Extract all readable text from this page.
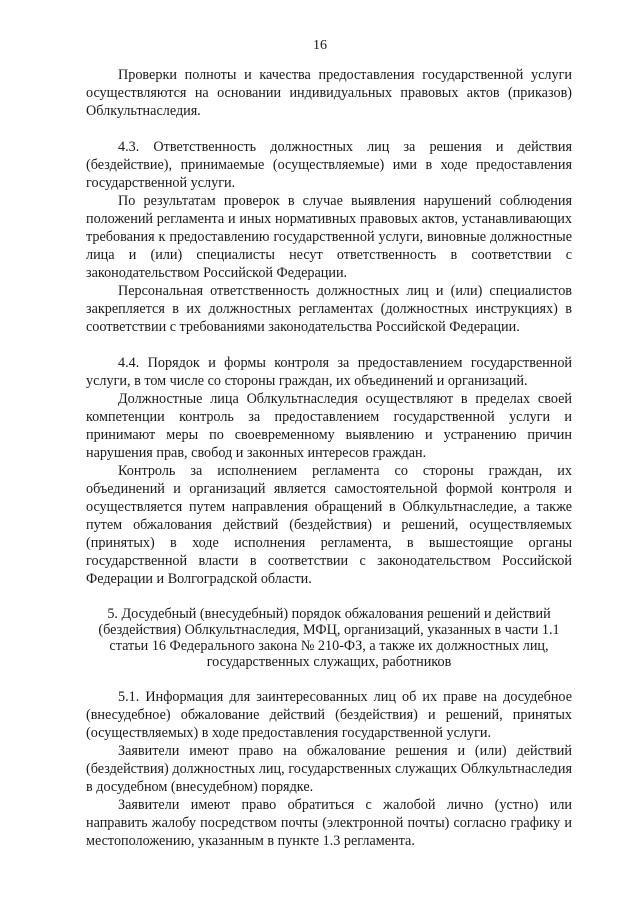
16

Проверки полноты и качества предоставления государственной услуги осуществляются на основании индивидуальных правовых актов (приказов) Облкультнаследия.

4.3. Ответственность должностных лиц за решения и действия (бездействие), принимаемые (осуществляемые) ими в ходе предоставления государственной услуги.

По результатам проверок в случае выявления нарушений соблюдения положений регламента и иных нормативных правовых актов, устанавливающих требования к предоставлению государственной услуги, виновные должностные лица и (или) специалисты несут ответственность в соответствии с законодательством Российской Федерации.

Персональная ответственность должностных лиц и (или) специалистов закрепляется в их должностных регламентах (должностных инструкциях) в соответствии с требованиями законодательства Российской Федерации.

4.4. Порядок и формы контроля за предоставлением государственной услуги, в том числе со стороны граждан, их объединений и организаций.

Должностные лица Облкультнаследия осуществляют в пределах своей компетенции контроль за предоставлением государственной услуги и принимают меры по своевременному выявлению и устранению причин нарушения прав, свобод и законных интересов граждан.

Контроль за исполнением регламента со стороны граждан, их объединений и организаций является самостоятельной формой контроля и осуществляется путем направления обращений в Облкультнаследие, а также путем обжалования действий (бездействия) и решений, осуществляемых (принятых) в ходе исполнения регламента, в вышестоящие органы государственной власти в соответствии с законодательством Российской Федерации и Волгоградской области.

5. Досудебный (внесудебный) порядок обжалования решений и действий (бездействия) Облкультнаследия, МФЦ, организаций, указанных в части 1.1 статьи 16 Федерального закона № 210-ФЗ, а также их должностных лиц, государственных служащих, работников

5.1. Информация для заинтересованных лиц об их праве на досудебное (внесудебное) обжалование действий (бездействия) и решений, принятых (осуществляемых) в ходе предоставления государственной услуги.

Заявители имеют право на обжалование решения и (или) действий (бездействия) должностных лиц, государственных служащих Облкультнаследия в досудебном (внесудебном) порядке.

Заявители имеют право обратиться с жалобой лично (устно) или направить жалобу посредством почты (электронной почты) согласно графику и местоположению, указанным в пункте 1.3 регламента.
